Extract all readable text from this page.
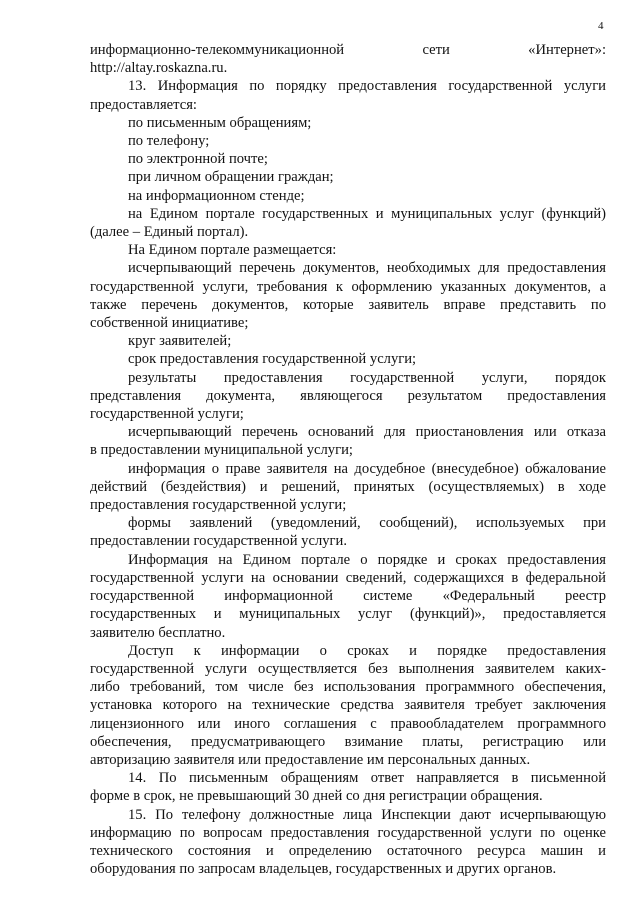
4

информационно-телекоммуникационной сети «Интернет»:

http://altay.roskazna.ru.

13. Информация по порядку предоставления государственной услуги

предоставляется:

по письменным обращениям;

по телефону;

по электронной почте;

при личном обращении граждан;

на информационном стенде;

на Едином портале государственных и муниципальных услуг (функций)

(далее – Единый портал).

На Едином портале размещается:

исчерпывающий перечень документов, необходимых для предоставления

государственной услуги, требования к оформлению указанных документов, а

также перечень документов, которые заявитель вправе представить по

собственной инициативе;

круг заявителей;

срок предоставления государственной услуги;

результаты предоставления государственной услуги, порядок

представления документа, являющегося результатом предоставления

государственной услуги;

исчерпывающий перечень оснований для приостановления или отказа

в предоставлении муниципальной услуги;

информация о праве заявителя на досудебное (внесудебное) обжалование

действий (бездействия) и решений, принятых (осуществляемых) в ходе

предоставления государственной услуги;

формы заявлений (уведомлений, сообщений), используемых при

предоставлении государственной услуги.

Информация на Едином портале о порядке и сроках предоставления

государственной услуги на основании сведений, содержащихся в федеральной

государственной информационной системе «Федеральный реестр

государственных и муниципальных услуг (функций)», предоставляется

заявителю бесплатно.

Доступ к информации о сроках и порядке предоставления

государственной услуги осуществляется без выполнения заявителем каких-

либо требований, том числе без использования программного обеспечения,

установка которого на технические средства заявителя требует заключения

лицензионного или иного соглашения с правообладателем программного

обеспечения, предусматривающего взимание платы, регистрацию или

авторизацию заявителя или предоставление им персональных данных.

14. По письменным обращениям ответ направляется в письменной

форме в срок, не превышающий 30 дней со дня регистрации обращения.

15. По телефону должностные лица Инспекции дают исчерпывающую

информацию по вопросам предоставления государственной услуги по оценке

технического состояния и определению остаточного ресурса машин и

оборудования по запросам владельцев, государственных и других органов.
